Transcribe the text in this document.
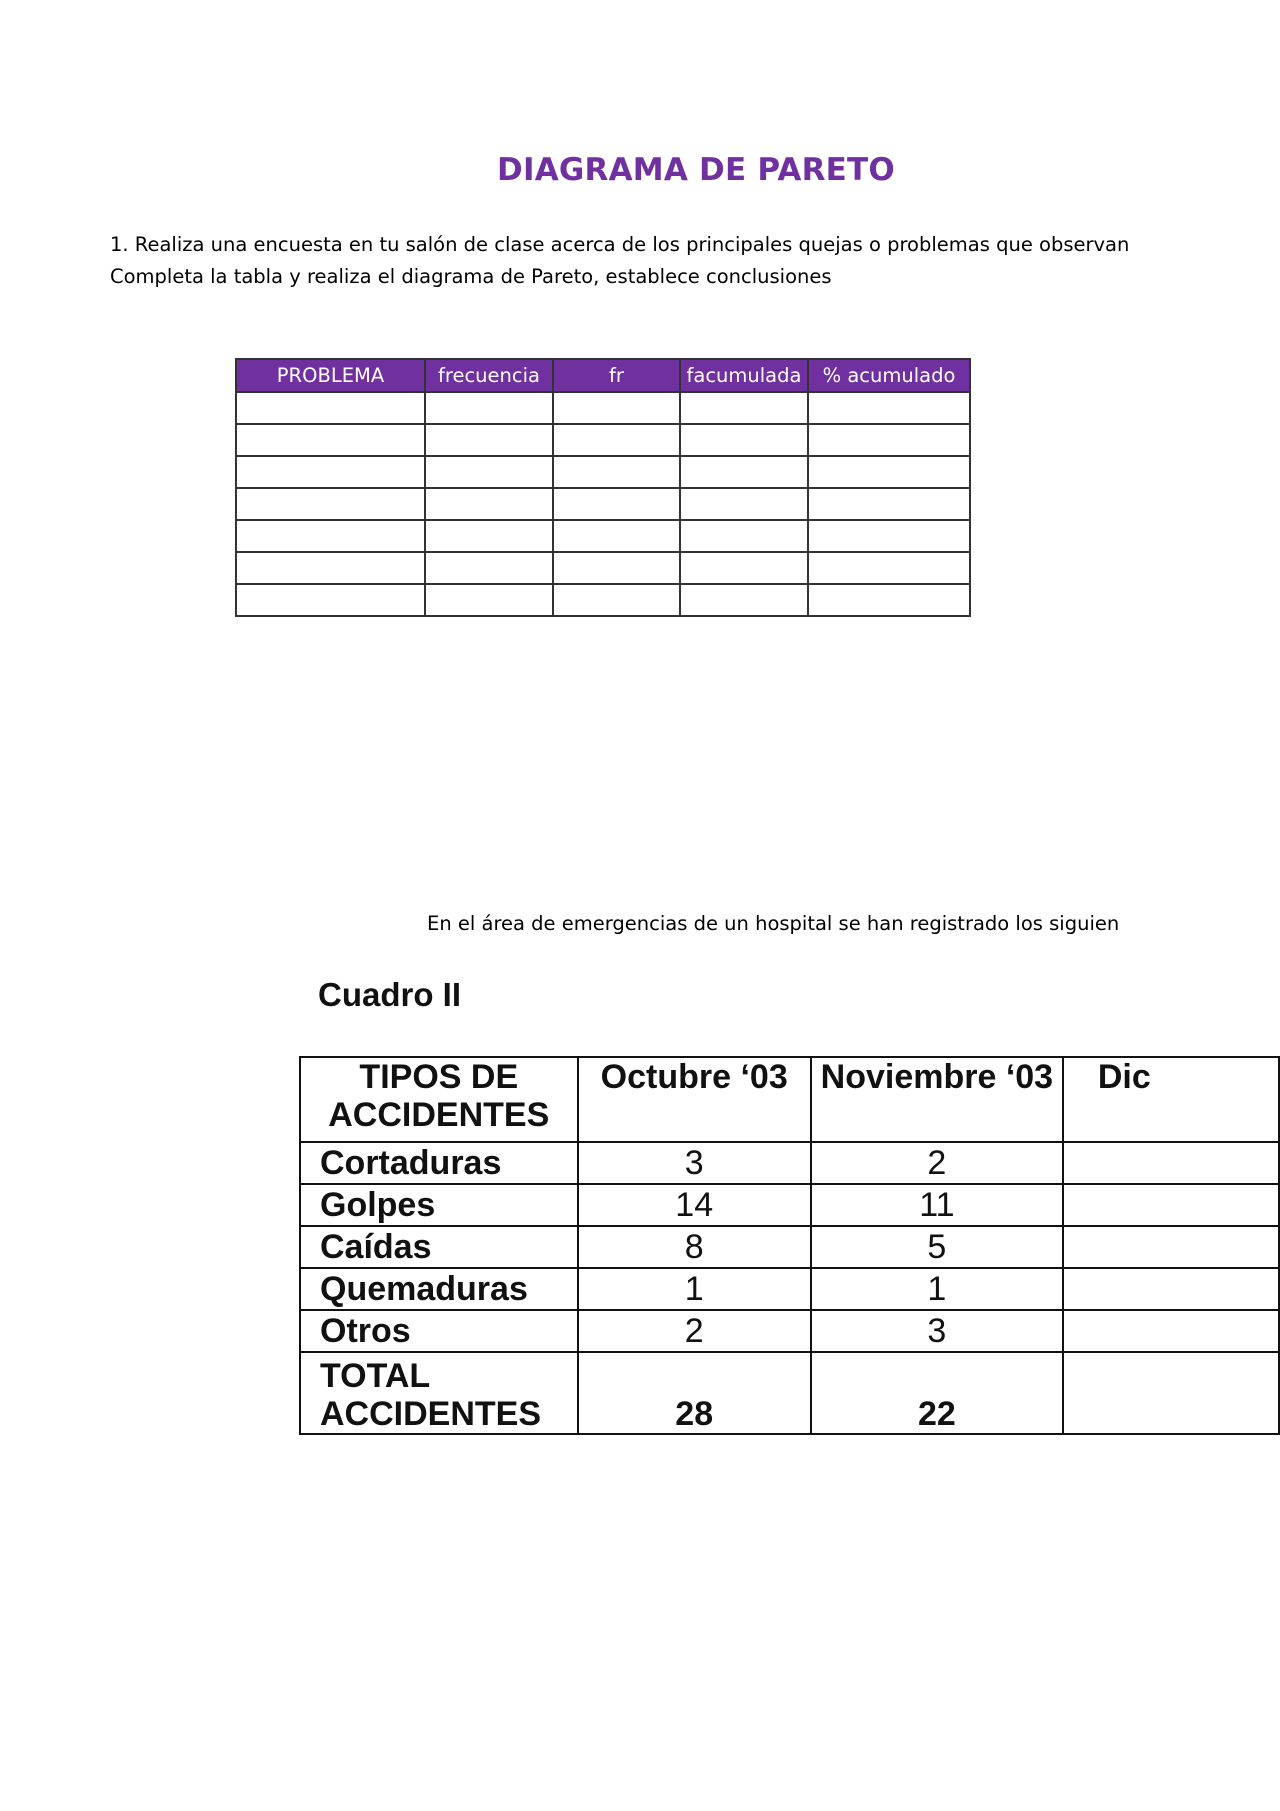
DIAGRAMA DE PARETO
1. Realiza una encuesta en tu salón de clase acerca de los principales quejas o problemas que observan
Completa la tabla y realiza el diagrama de Pareto, establece conclusiones
PROBLEMA	frecuencia	fr	facumulada	% acumulado

En el área de emergencias de un hospital se han registrado los siguien
Cuadro II
TIPOS DE
ACCIDENTES	Octubre ‘03	Noviembre ‘03	Dic
Cortaduras	3	2	
Golpes	14	11	
Caídas	8	5	
Quemaduras	1	1	
Otros	2	3	

TOTAL
ACCIDENTES	28	22	
